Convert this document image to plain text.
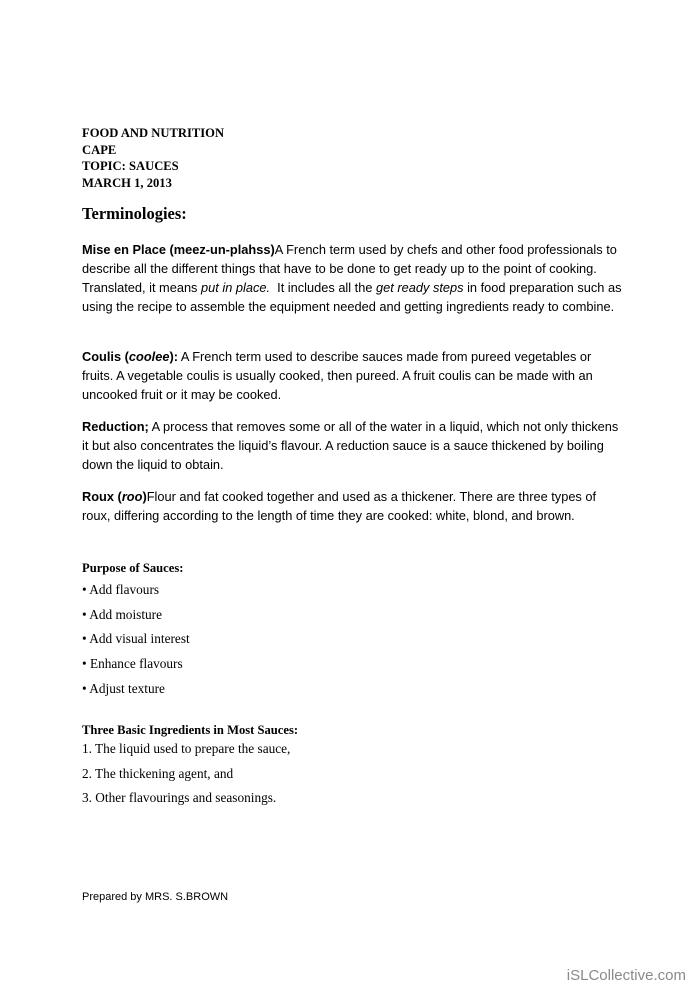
FOOD AND NUTRITION
CAPE
TOPIC: SAUCES
MARCH 1, 2013
Terminologies:
Mise en Place (meez-un-plahss)A French term used by chefs and other food professionals to describe all the different things that have to be done to get ready up to the point of cooking. Translated, it means put in place.  It includes all the get ready steps in food preparation such as using the recipe to assemble the equipment needed and getting ingredients ready to combine.
Coulis (coolee): A French term used to describe sauces made from pureed vegetables or fruits. A vegetable coulis is usually cooked, then pureed. A fruit coulis can be made with an uncooked fruit or it may be cooked.
Reduction; A process that removes some or all of the water in a liquid, which not only thickens it but also concentrates the liquid’s flavour. A reduction sauce is a sauce thickened by boiling down the liquid to obtain.
Roux (roo)Flour and fat cooked together and used as a thickener. There are three types of roux, differing according to the length of time they are cooked: white, blond, and brown.
Purpose of Sauces:
• Add flavours
• Add moisture
• Add visual interest
• Enhance flavours
• Adjust texture
Three Basic Ingredients in Most Sauces:
1. The liquid used to prepare the sauce,
2. The thickening agent, and
3. Other flavourings and seasonings.
Prepared by MRS. S.BROWN
iSLCollective.com
